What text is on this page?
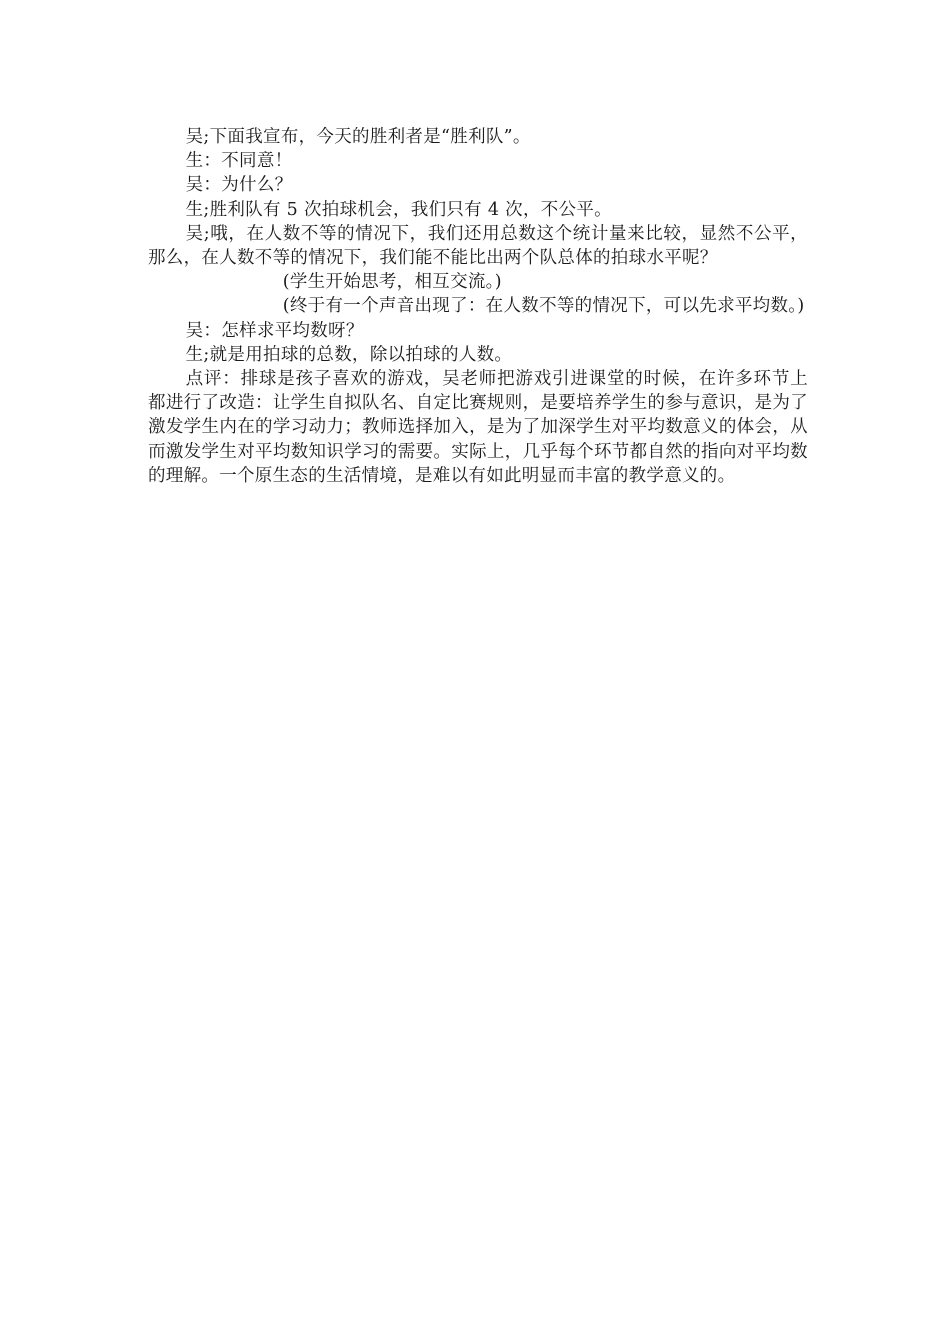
吴;下面我宣布，今天的胜利者是“胜利队”。

生：不同意！

吴：为什么？

生;胜利队有 5 次拍球机会，我们只有 4 次，不公平。

吴;哦，在人数不等的情况下，我们还用总数这个统计量来比较，显然不公平，那么，在人数不等的情况下，我们能不能比出两个队总体的拍球水平呢？

(学生开始思考，相互交流。)

(终于有一个声音出现了：在人数不等的情况下，可以先求平均数。)

吴：怎样求平均数呀？

生;就是用拍球的总数，除以拍球的人数。

点评：排球是孩子喜欢的游戏，吴老师把游戏引进课堂的时候，在许多环节上都进行了改造：让学生自拟队名、自定比赛规则，是要培养学生的参与意识，是为了激发学生内在的学习动力；教师选择加入，是为了加深学生对平均数意义的体会，从而激发学生对平均数知识学习的需要。实际上，几乎每个环节都自然的指向对平均数的理解。一个原生态的生活情境，是难以有如此明显而丰富的教学意义的。
